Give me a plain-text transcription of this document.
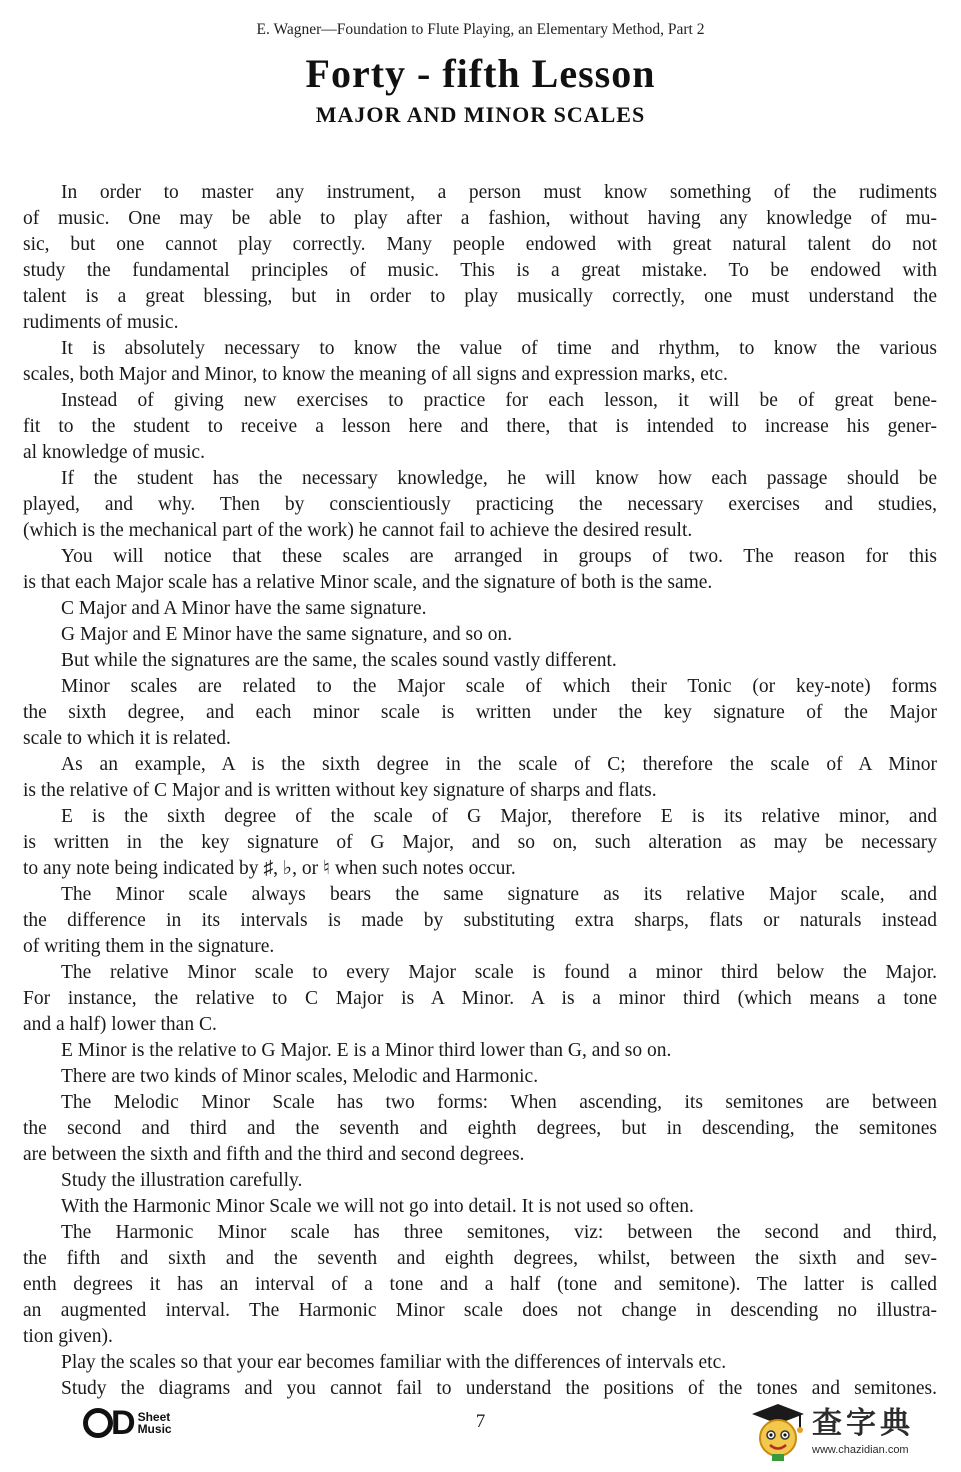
E. Wagner—Foundation to Flute Playing, an Elementary Method, Part 2
Forty - fifth Lesson
MAJOR AND MINOR SCALES
In order to master any instrument, a person must know something of the rudiments
of music. One may be able to play after a fashion, without having any knowledge of mu-
sic, but one cannot play correctly. Many people endowed with great natural talent do not
study the fundamental principles of music. This is a great mistake. To be endowed with
talent is a great blessing, but in order to play musically correctly, one must understand the
rudiments of music.
It is absolutely necessary to know the value of time and rhythm, to know the various
scales, both Major and Minor, to know the meaning of all signs and expression marks, etc.
Instead of giving new exercises to practice for each lesson, it will be of great bene-
fit to the student to receive a lesson here and there, that is intended to increase his gener-
al knowledge of music.
If the student has the necessary knowledge, he will know how each passage should be
played, and why. Then by conscientiously practicing the necessary exercises and studies,
(which is the mechanical part of the work) he cannot fail to achieve the desired result.
You will notice that these scales are arranged in groups of two. The reason for this
is that each Major scale has a relative Minor scale, and the signature of both is the same.
C Major and A Minor have the same signature.
G Major and E Minor have the same signature, and so on.
But while the signatures are the same, the scales sound vastly different.
Minor scales are related to the Major scale of which their Tonic (or key-note) forms
the sixth degree, and each minor scale is written under the key signature of the Major
scale to which it is related.
As an example, A is the sixth degree in the scale of C; therefore the scale of A Minor
is the relative of C Major and is written without key signature of sharps and flats.
E is the sixth degree of the scale of G Major, therefore E is its relative minor, and
is written in the key signature of G Major, and so on, such alteration as may be necessary
to any note being indicated by ♯, ♭, or ♮ when such notes occur.
The Minor scale always bears the same signature as its relative Major scale, and
the difference in its intervals is made by substituting extra sharps, flats or naturals instead
of writing them in the signature.
The relative Minor scale to every Major scale is found a minor third below the Major.
For instance, the relative to C Major is A Minor. A is a minor third (which means a tone
and a half) lower than C.
E Minor is the relative to G Major. E is a Minor third lower than G, and so on.
There are two kinds of Minor scales, Melodic and Harmonic.
The Melodic Minor Scale has two forms: When ascending, its semitones are between
the second and third and the seventh and eighth degrees, but in descending, the semitones
are between the sixth and fifth and the third and second degrees.
Study the illustration carefully.
With the Harmonic Minor Scale we will not go into detail. It is not used so often.
The Harmonic Minor scale has three semitones, viz: between the second and third,
the fifth and sixth and the seventh and eighth degrees, whilst, between the sixth and sev-
enth degrees it has an interval of a tone and a half (tone and semitone). The latter is called
an augmented interval. The Harmonic Minor scale does not change in descending no illustra-
tion given).
Play the scales so that your ear becomes familiar with the differences of intervals etc.
Study the diagrams and you cannot fail to understand the positions of the tones and semitones.
D Sheet
Music	7	查字典
www.chazidian.com
